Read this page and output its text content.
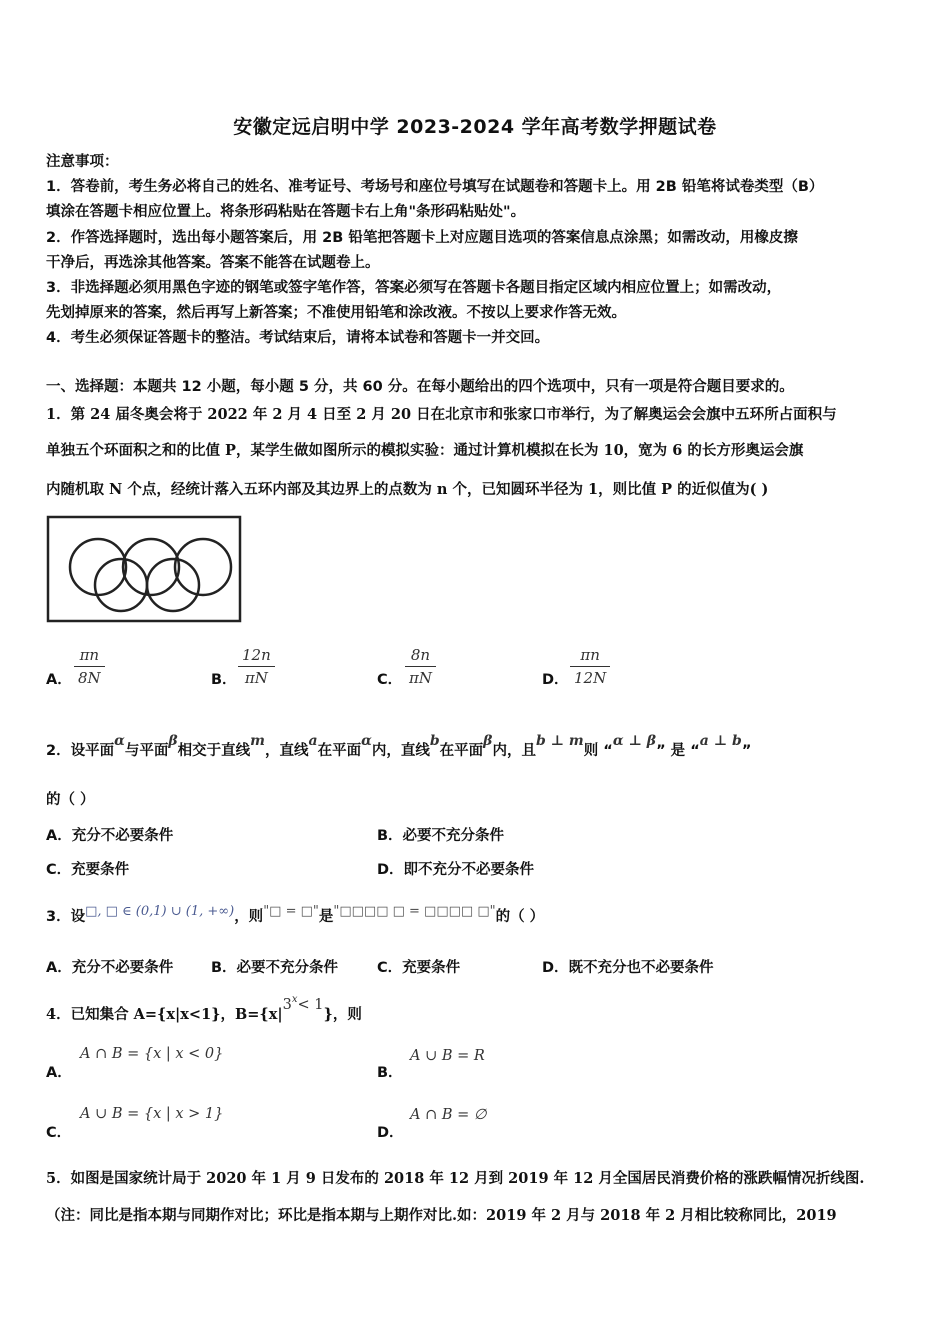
安徽定远启明中学 2023-2024 学年高考数学押题试卷
注意事项：
1．答卷前，考生务必将自己的姓名、准考证号、考场号和座位号填写在试题卷和答题卡上。用 2B 铅笔将试卷类型（B）
填涂在答题卡相应位置上。将条形码粘贴在答题卡右上角"条形码粘贴处"。
2．作答选择题时，选出每小题答案后，用 2B 铅笔把答题卡上对应题目选项的答案信息点涂黑；如需改动，用橡皮擦
干净后，再选涂其他答案。答案不能答在试题卷上。
3．非选择题必须用黑色字迹的钢笔或签字笔作答，答案必须写在答题卡各题目指定区域内相应位置上；如需改动，
先划掉原来的答案，然后再写上新答案；不准使用铅笔和涂改液。不按以上要求作答无效。
4．考生必须保证答题卡的整洁。考试结束后，请将本试卷和答题卡一并交回。
一、选择题：本题共 12 小题，每小题 5 分，共 60 分。在每小题给出的四个选项中，只有一项是符合题目要求的。
1．第 24 届冬奥会将于 2022 年 2 月 4 日至 2 月 20 日在北京市和张家口市举行，为了解奥运会会旗中五环所占面积与
单独五个环面积之和的比值 P，某学生做如图所示的模拟实验：通过计算机模拟在长为 10，宽为 6 的长方形奥运会旗
内随机取 N 个点，经统计落入五环内部及其边界上的点数为 n 个，已知圆环半径为 1，则比值 P 的近似值为( )
A． $\frac{\pi n}{8N}$	B． $\frac{12n}{\pi N}$	C． $\frac{8n}{\pi N}$	D． $\frac{\pi n}{12N}$
2．设平面α与平面β相交于直线m，直线a在平面α内，直线b在平面β内，且b ⊥ m则 “α ⊥ β” 是 “a ⊥ b”
的（ ）
A．充分不必要条件	B．必要不充分条件
C．充要条件	D．即不充分不必要条件
3．设□, □ ∈ (0,1) ∪ (1, +∞)，则"□ = □"是"□□□□ □ = □□□□ □"的（ ）
A．充分不必要条件	B．必要不充分条件	C．充要条件	D．既不充分也不必要条件
4．已知集合 A={x|x<1}，$B=\{x|3^x< 1\}$，则
A．
A ∩ B = {x | x < 0}
B．
A ∪ B = R
C．
A ∪ B = {x | x > 1}
D．
A ∩ B = ∅
5．如图是国家统计局于 2020 年 1 月 9 日发布的 2018 年 12 月到 2019 年 12 月全国居民消费价格的涨跌幅情况折线图.
（注：同比是指本期与同期作对比；环比是指本期与上期作对比.如：2019 年 2 月与 2018 年 2 月相比较称同比，2019
